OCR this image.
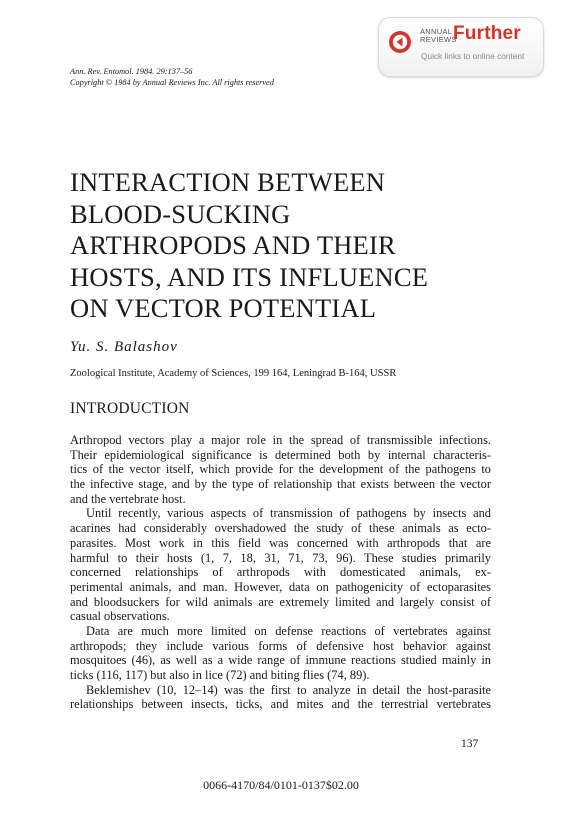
ANNUAL
REVIEWS
Further
Quick links to online content
Ann. Rev. Entomol. 1984. 29:137–56
Copyright © 1984 by Annual Reviews Inc. All rights reserved
INTERACTION BETWEEN
BLOOD-SUCKING
ARTHROPODS AND THEIR
HOSTS, AND ITS INFLUENCE
ON VECTOR POTENTIAL
Yu. S. Balashov
Zoological Institute, Academy of Sciences, 199 164, Leningrad B-164, USSR
INTRODUCTION
Arthropod vectors play a major role in the spread of transmissible infections.
Their epidemiological significance is determined both by internal characteris-
tics of the vector itself, which provide for the development of the pathogens to
the infective stage, and by the type of relationship that exists between the vector
and the vertebrate host.
Until recently, various aspects of transmission of pathogens by insects and
acarines had considerably overshadowed the study of these animals as ecto-
parasites. Most work in this field was concerned with arthropods that are
harmful to their hosts (1, 7, 18, 31, 71, 73, 96). These studies primarily
concerned relationships of arthropods with domesticated animals, ex-
perimental animals, and man. However, data on pathogenicity of ectoparasites
and bloodsuckers for wild animals are extremely limited and largely consist of
casual observations.
Data are much more limited on defense reactions of vertebrates against
arthropods; they include various forms of defensive host behavior against
mosquitoes (46), as well as a wide range of immune reactions studied mainly in
ticks (116, 117) but also in lice (72) and biting flies (74, 89).
Beklemishev (10, 12–14) was the first to analyze in detail the host-parasite
relationships between insects, ticks, and mites and the terrestrial vertebrates
137
0066-4170/84/0101-0137$02.00
